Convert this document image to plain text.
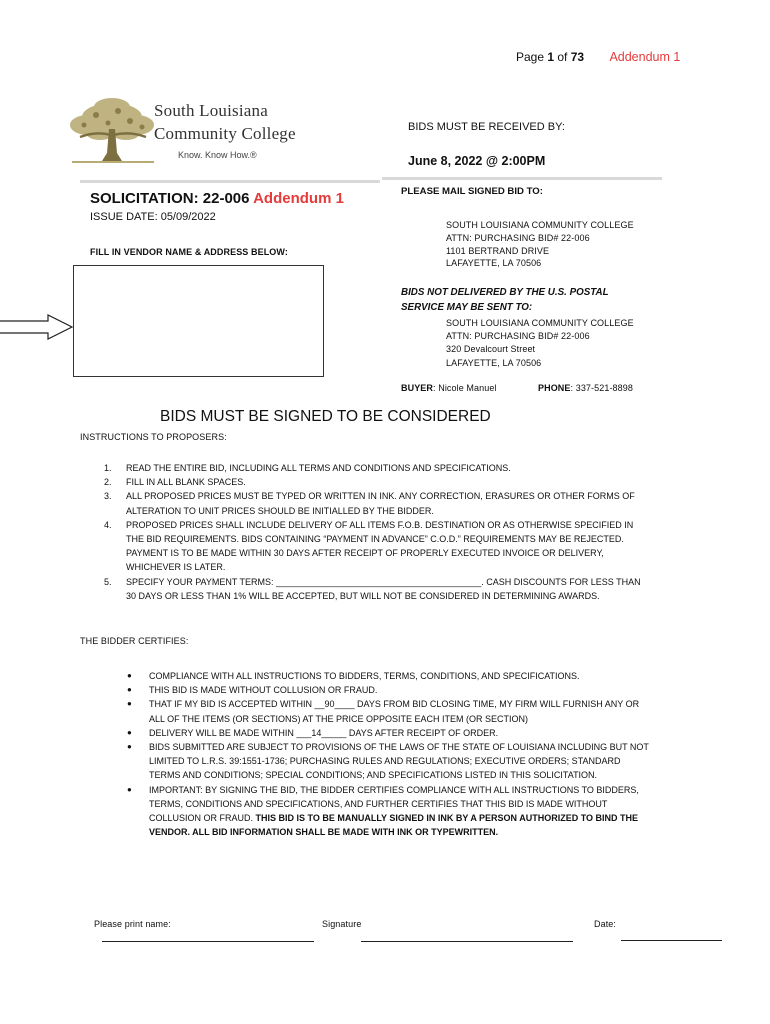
Page 1 of 73 Addendum 1
South Louisiana
Community College
Know. Know How.®
BIDS MUST BE RECEIVED BY:
June 8, 2022 @ 2:00PM
PLEASE MAIL SIGNED BID TO:
SOUTH LOUISIANA COMMUNITY COLLEGE
ATTN: PURCHASING BID# 22-006
1101 BERTRAND DRIVE
LAFAYETTE, LA 70506
BIDS NOT DELIVERED BY THE U.S. POSTAL
SERVICE MAY BE SENT TO:
SOUTH LOUISIANA COMMUNITY COLLEGE
ATTN: PURCHASING BID# 22-006
320 Devalcourt Street
LAFAYETTE, LA 70506
BUYER: Nicole Manuel	PHONE: 337-521-8898
SOLICITATION: 22-006 Addendum 1
ISSUE DATE: 05/09/2022
FILL IN VENDOR NAME & ADDRESS BELOW:
BIDS MUST BE SIGNED TO BE CONSIDERED
INSTRUCTIONS TO PROPOSERS:
1. READ THE ENTIRE BID, INCLUDING ALL TERMS AND CONDITIONS AND SPECIFICATIONS.
2. FILL IN ALL BLANK SPACES.
3. ALL PROPOSED PRICES MUST BE TYPED OR WRITTEN IN INK. ANY CORRECTION, ERASURES OR OTHER FORMS OF ALTERATION TO UNIT PRICES SHOULD BE INITIALLED BY THE BIDDER.
4. PROPOSED PRICES SHALL INCLUDE DELIVERY OF ALL ITEMS F.O.B. DESTINATION OR AS OTHERWISE SPECIFIED IN THE BID REQUIREMENTS. BIDS CONTAINING “PAYMENT IN ADVANCE” C.O.D.” REQUIREMENTS MAY BE REJECTED. PAYMENT IS TO BE MADE WITHIN 30 DAYS AFTER RECEIPT OF PROPERLY EXECUTED INVOICE OR DELIVERY, WHICHEVER IS LATER.
5. SPECIFY YOUR PAYMENT TERMS: _________________________________________. CASH DISCOUNTS FOR LESS THAN 30 DAYS OR LESS THAN 1% WILL BE ACCEPTED, BUT WILL NOT BE CONSIDERED IN DETERMINING AWARDS.
THE BIDDER CERTIFIES:
● COMPLIANCE WITH ALL INSTRUCTIONS TO BIDDERS, TERMS, CONDITIONS, AND SPECIFICATIONS.
● THIS BID IS MADE WITHOUT COLLUSION OR FRAUD.
● THAT IF MY BID IS ACCEPTED WITHIN __90____ DAYS FROM BID CLOSING TIME, MY FIRM WILL FURNISH ANY OR ALL OF THE ITEMS (OR SECTIONS) AT THE PRICE OPPOSITE EACH ITEM (OR SECTION)
● DELIVERY WILL BE MADE WITHIN ___14_____ DAYS AFTER RECEIPT OF ORDER.
● BIDS SUBMITTED ARE SUBJECT TO PROVISIONS OF THE LAWS OF THE STATE OF LOUISIANA INCLUDING BUT NOT LIMITED TO L.R.S. 39:1551-1736; PURCHASING RULES AND REGULATIONS; EXECUTIVE ORDERS; STANDARD TERMS AND CONDITIONS; SPECIAL CONDITIONS; AND SPECIFICATIONS LISTED IN THIS SOLICITATION.
● IMPORTANT: BY SIGNING THE BID, THE BIDDER CERTIFIES COMPLIANCE WITH ALL INSTRUCTIONS TO BIDDERS, TERMS, CONDITIONS AND SPECIFICATIONS, AND FURTHER CERTIFIES THAT THIS BID IS MADE WITHOUT COLLUSION OR FRAUD. THIS BID IS TO BE MANUALLY SIGNED IN INK BY A PERSON AUTHORIZED TO BIND THE VENDOR. ALL BID INFORMATION SHALL BE MADE WITH INK OR TYPEWRITTEN.
Please print name:	Signature	Date:
